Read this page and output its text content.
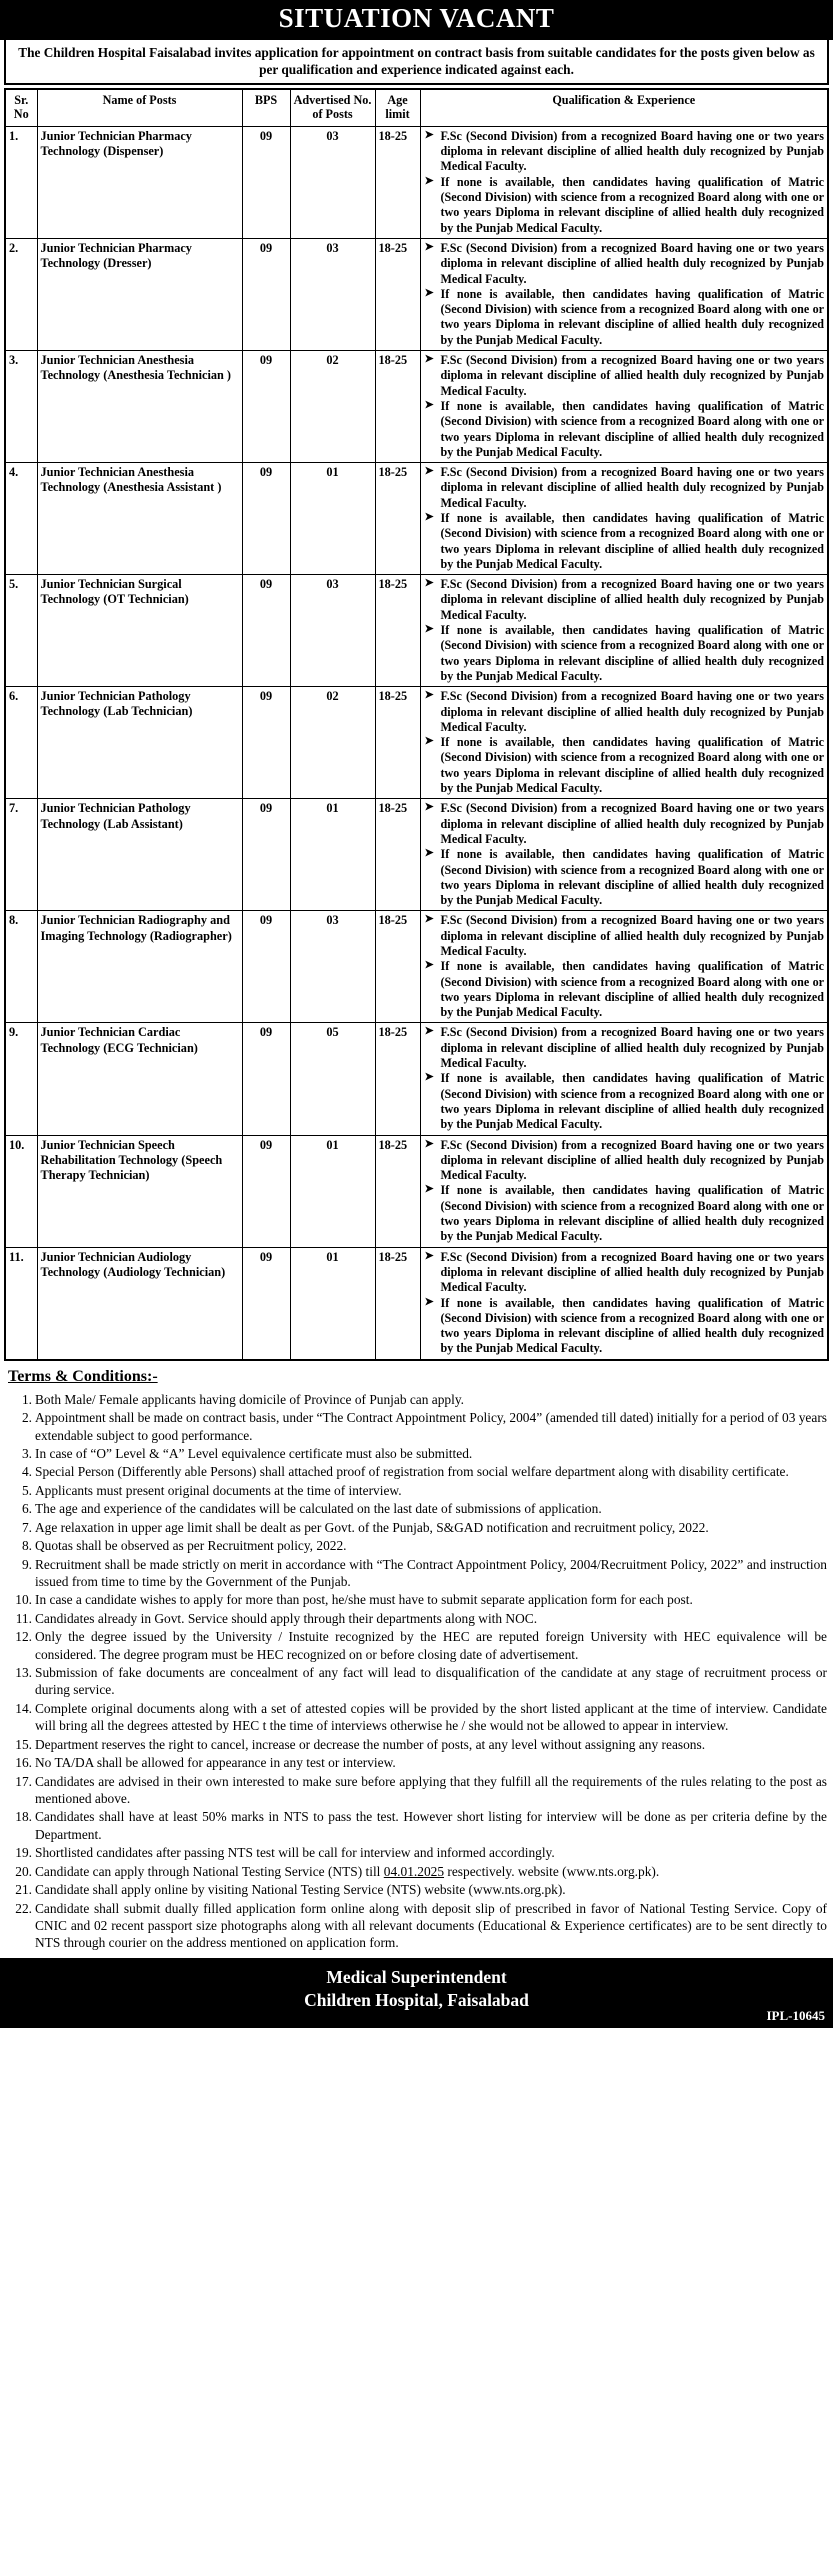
SITUATION VACANT
The Children Hospital Faisalabad invites application for appointment on contract basis from suitable candidates for the posts given below as per qualification and experience indicated against each.
Sr. No	Name of Posts	BPS	Advertised No. of Posts	Age limit	Qualification & Experience
1.	Junior Technician Pharmacy Technology (Dispenser)	09	03	18-25	➤ F.Sc (Second Division) from a recognized Board having one or two years diploma in relevant discipline of allied health duly recognized by Punjab Medical Faculty.
➤ If none is available, then candidates having qualification of Matric (Second Division) with science from a recognized Board along with one or two years Diploma in relevant discipline of allied health duly recognized by the Punjab Medical Faculty.

2.	Junior Technician Pharmacy Technology (Dresser)	09	03	18-25	➤ F.Sc (Second Division) from a recognized Board having one or two years diploma in relevant discipline of allied health duly recognized by Punjab Medical Faculty.
➤ If none is available, then candidates having qualification of Matric (Second Division) with science from a recognized Board along with one or two years Diploma in relevant discipline of allied health duly recognized by the Punjab Medical Faculty.

3.	Junior Technician Anesthesia Technology (Anesthesia Technician )	09	02	18-25	➤ F.Sc (Second Division) from a recognized Board having one or two years diploma in relevant discipline of allied health duly recognized by Punjab Medical Faculty.
➤ If none is available, then candidates having qualification of Matric (Second Division) with science from a recognized Board along with one or two years Diploma in relevant discipline of allied health duly recognized by the Punjab Medical Faculty.

4.	Junior Technician Anesthesia Technology (Anesthesia Assistant )	09	01	18-25	➤ F.Sc (Second Division) from a recognized Board having one or two years diploma in relevant discipline of allied health duly recognized by Punjab Medical Faculty.
➤ If none is available, then candidates having qualification of Matric (Second Division) with science from a recognized Board along with one or two years Diploma in relevant discipline of allied health duly recognized by the Punjab Medical Faculty.

5.	Junior Technician Surgical Technology (OT Technician)	09	03	18-25	➤ F.Sc (Second Division) from a recognized Board having one or two years diploma in relevant discipline of allied health duly recognized by Punjab Medical Faculty.
➤ If none is available, then candidates having qualification of Matric (Second Division) with science from a recognized Board along with one or two years Diploma in relevant discipline of allied health duly recognized by the Punjab Medical Faculty.

6.	Junior Technician Pathology Technology (Lab Technician)	09	02	18-25	➤ F.Sc (Second Division) from a recognized Board having one or two years diploma in relevant discipline of allied health duly recognized by Punjab Medical Faculty.
➤ If none is available, then candidates having qualification of Matric (Second Division) with science from a recognized Board along with one or two years Diploma in relevant discipline of allied health duly recognized by the Punjab Medical Faculty.

7.	Junior Technician Pathology Technology (Lab Assistant)	09	01	18-25	➤ F.Sc (Second Division) from a recognized Board having one or two years diploma in relevant discipline of allied health duly recognized by Punjab Medical Faculty.
➤ If none is available, then candidates having qualification of Matric (Second Division) with science from a recognized Board along with one or two years Diploma in relevant discipline of allied health duly recognized by the Punjab Medical Faculty.

8.	Junior Technician Radiography and Imaging Technology (Radiographer)	09	03	18-25	➤ F.Sc (Second Division) from a recognized Board having one or two years diploma in relevant discipline of allied health duly recognized by Punjab Medical Faculty.
➤ If none is available, then candidates having qualification of Matric (Second Division) with science from a recognized Board along with one or two years Diploma in relevant discipline of allied health duly recognized by the Punjab Medical Faculty.

9.	Junior Technician Cardiac Technology (ECG Technician)	09	05	18-25	➤ F.Sc (Second Division) from a recognized Board having one or two years diploma in relevant discipline of allied health duly recognized by Punjab Medical Faculty.
➤ If none is available, then candidates having qualification of Matric (Second Division) with science from a recognized Board along with one or two years Diploma in relevant discipline of allied health duly recognized by the Punjab Medical Faculty.

10.	Junior Technician Speech Rehabilitation Technology (Speech Therapy Technician)	09	01	18-25	➤ F.Sc (Second Division) from a recognized Board having one or two years diploma in relevant discipline of allied health duly recognized by Punjab Medical Faculty.
➤ If none is available, then candidates having qualification of Matric (Second Division) with science from a recognized Board along with one or two years Diploma in relevant discipline of allied health duly recognized by the Punjab Medical Faculty.

11.	Junior Technician Audiology Technology (Audiology Technician)	09	01	18-25	➤ F.Sc (Second Division) from a recognized Board having one or two years diploma in relevant discipline of allied health duly recognized by Punjab Medical Faculty.
➤ If none is available, then candidates having qualification of Matric (Second Division) with science from a recognized Board along with one or two years Diploma in relevant discipline of allied health duly recognized by the Punjab Medical Faculty.
Terms & Conditions:-
Both Male/ Female applicants having domicile of Province of Punjab can apply.
Appointment shall be made on contract basis, under “The Contract Appointment Policy, 2004” (amended till dated) initially for a period of 03 years extendable subject to good performance.
In case of “O” Level & “A” Level equivalence certificate must also be submitted.
Special Person (Differently able Persons) shall attached proof of registration from social welfare department along with disability certificate.
Applicants must present original documents at the time of interview.
The age and experience of the candidates will be calculated on the last date of submissions of application.
Age relaxation in upper age limit shall be dealt as per Govt. of the Punjab, S&GAD notification and recruitment policy, 2022.
Quotas shall be observed as per Recruitment policy, 2022.
Recruitment shall be made strictly on merit in accordance with “The Contract Appointment Policy, 2004/Recruitment Policy, 2022” and instruction issued from time to time by the Government of the Punjab.
In case a candidate wishes to apply for more than post, he/she must have to submit separate application form for each post.
Candidates already in Govt. Service should apply through their departments along with NOC.
Only the degree issued by the University / Instuite recognized by the HEC are reputed foreign University with HEC equivalence will be considered. The degree program must be HEC recognized on or before closing date of advertisement.
Submission of fake documents are concealment of any fact will lead to disqualification of the candidate at any stage of recruitment process or during service.
Complete original documents along with a set of attested copies will be provided by the short listed applicant at the time of interview. Candidate will bring all the degrees attested by HEC t the time of interviews otherwise he / she would not be allowed to appear in interview.
Department reserves the right to cancel, increase or decrease the number of posts, at any level without assigning any reasons.
No TA/DA shall be allowed for appearance in any test or interview.
Candidates are advised in their own interested to make sure before applying that they fulfill all the requirements of the rules relating to the post as mentioned above.
Candidates shall have at least 50% marks in NTS to pass the test. However short listing for interview will be done as per criteria define by the Department.
Shortlisted candidates after passing NTS test will be call for interview and informed accordingly.
Candidate can apply through National Testing Service (NTS) till 04.01.2025 respectively. website (www.nts.org.pk).
Candidate shall apply online by visiting National Testing Service (NTS) website (www.nts.org.pk).
Candidate shall submit dually filled application form online along with deposit slip of prescribed in favor of National Testing Service. Copy of CNIC and 02 recent passport size photographs along with all relevant documents (Educational & Experience certificates) are to be sent directly to NTS through courier on the address mentioned on application form.
Medical Superintendent
Children Hospital, Faisalabad
IPL-10645
